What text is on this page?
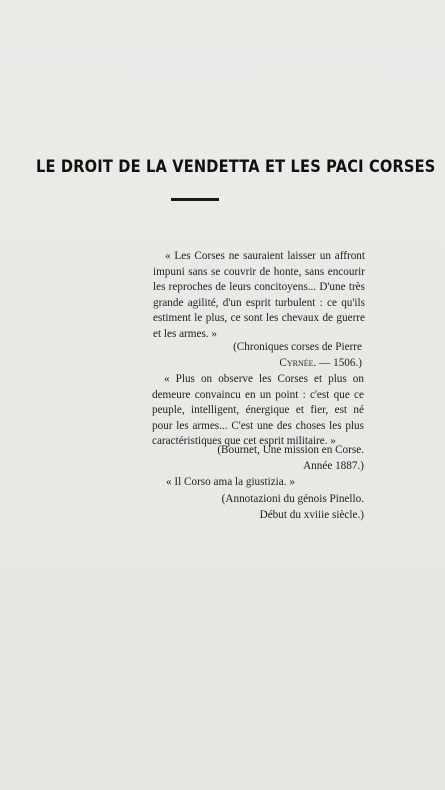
LE DROIT DE LA VENDETTA ET LES PACI CORSES
« Les Corses ne sauraient laisser un affront
impuni sans se couvrir de honte, sans encourir
les reproches de leurs concitoyens... D'une très
grande agilité, d'un esprit turbulent : ce qu'ils
estiment le plus, ce sont les chevaux de guerre
et les armes. »
(Chroniques corses de Pierre
Cyrnée. — 1506.)
« Plus on observe les Corses et plus on
demeure convaincu en un point : c'est que ce
peuple, intelligent, énergique et fier, est né
pour les armes... C'est une des choses les plus
caractéristiques que cet esprit militaire. »
(Bournet, Une mission en Corse.
Année 1887.)
« Il Corso ama la giustizia. »
(Annotazioni du génois Pinello.
Début du xviiie siècle.)
